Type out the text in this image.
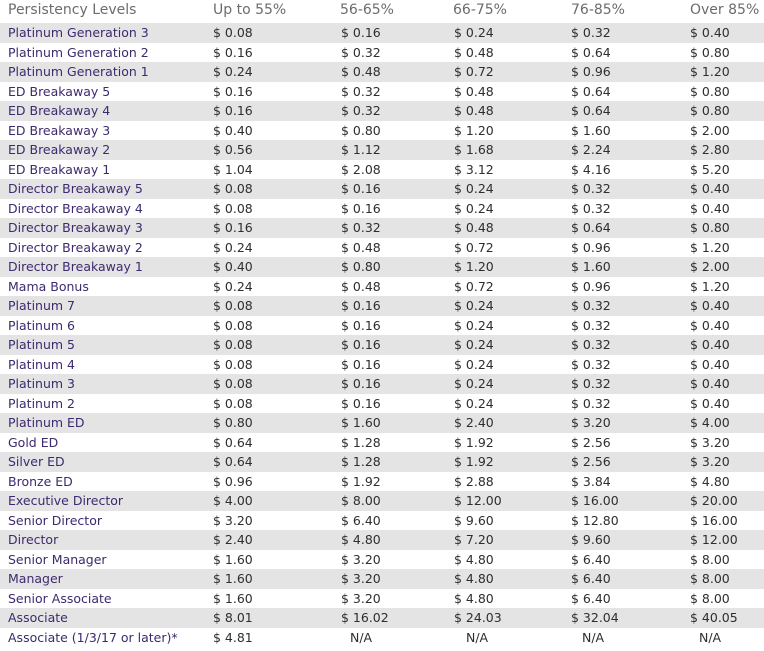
Persistency Levels	Up to 55%	56-65%	66-75%	76-85%	Over 85%
Platinum Generation 3	$ 0.08	$ 0.16	$ 0.24	$ 0.32	$ 0.40
Platinum Generation 2	$ 0.16	$ 0.32	$ 0.48	$ 0.64	$ 0.80
Platinum Generation 1	$ 0.24	$ 0.48	$ 0.72	$ 0.96	$ 1.20
ED Breakaway 5	$ 0.16	$ 0.32	$ 0.48	$ 0.64	$ 0.80
ED Breakaway 4	$ 0.16	$ 0.32	$ 0.48	$ 0.64	$ 0.80
ED Breakaway 3	$ 0.40	$ 0.80	$ 1.20	$ 1.60	$ 2.00
ED Breakaway 2	$ 0.56	$ 1.12	$ 1.68	$ 2.24	$ 2.80
ED Breakaway 1	$ 1.04	$ 2.08	$ 3.12	$ 4.16	$ 5.20
Director Breakaway 5	$ 0.08	$ 0.16	$ 0.24	$ 0.32	$ 0.40
Director Breakaway 4	$ 0.08	$ 0.16	$ 0.24	$ 0.32	$ 0.40
Director Breakaway 3	$ 0.16	$ 0.32	$ 0.48	$ 0.64	$ 0.80
Director Breakaway 2	$ 0.24	$ 0.48	$ 0.72	$ 0.96	$ 1.20
Director Breakaway 1	$ 0.40	$ 0.80	$ 1.20	$ 1.60	$ 2.00
Mama Bonus	$ 0.24	$ 0.48	$ 0.72	$ 0.96	$ 1.20
Platinum 7	$ 0.08	$ 0.16	$ 0.24	$ 0.32	$ 0.40
Platinum 6	$ 0.08	$ 0.16	$ 0.24	$ 0.32	$ 0.40
Platinum 5	$ 0.08	$ 0.16	$ 0.24	$ 0.32	$ 0.40
Platinum 4	$ 0.08	$ 0.16	$ 0.24	$ 0.32	$ 0.40
Platinum 3	$ 0.08	$ 0.16	$ 0.24	$ 0.32	$ 0.40
Platinum 2	$ 0.08	$ 0.16	$ 0.24	$ 0.32	$ 0.40
Platinum ED	$ 0.80	$ 1.60	$ 2.40	$ 3.20	$ 4.00
Gold ED	$ 0.64	$ 1.28	$ 1.92	$ 2.56	$ 3.20
Silver ED	$ 0.64	$ 1.28	$ 1.92	$ 2.56	$ 3.20
Bronze ED	$ 0.96	$ 1.92	$ 2.88	$ 3.84	$ 4.80
Executive Director	$ 4.00	$ 8.00	$ 12.00	$ 16.00	$ 20.00
Senior Director	$ 3.20	$ 6.40	$ 9.60	$ 12.80	$ 16.00
Director	$ 2.40	$ 4.80	$ 7.20	$ 9.60	$ 12.00
Senior Manager	$ 1.60	$ 3.20	$ 4.80	$ 6.40	$ 8.00
Manager	$ 1.60	$ 3.20	$ 4.80	$ 6.40	$ 8.00
Senior Associate	$ 1.60	$ 3.20	$ 4.80	$ 6.40	$ 8.00
Associate	$ 8.01	$ 16.02	$ 24.03	$ 32.04	$ 40.05
Associate (1/3/17 or later)*	$ 4.81	N/A	N/A	N/A	N/A
